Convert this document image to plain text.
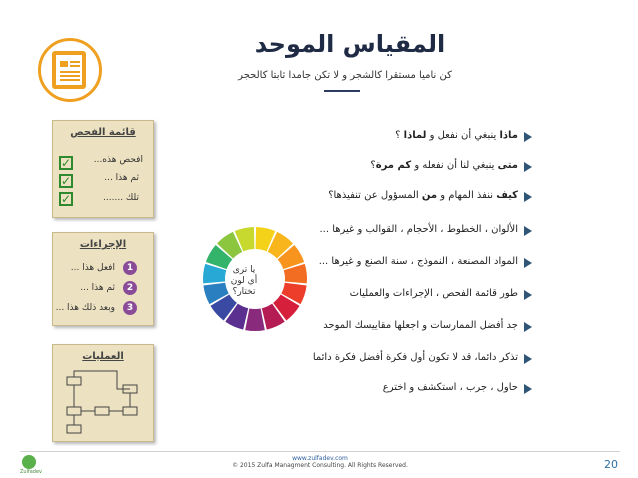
المقياس الموحد
كن ناميا مستقرا كالشجر و لا تكن جامدا ثابتا كالحجر
قائمة الفحص
افحص هذه...
ثم هذا ...
تلك .......
✓
✓
✓
الإجراءات
1
افعل هذا ...
2
ثم هذا ...
3
وبعد ذلك هذا ...
العمليات
يا ترى
أي لون تختار؟
Zulfadev
www.zulfadev.com
© 2015 Zulfa Managment Consulting. All Rights Reserved.	20
ماذا ينبغي أن نفعل و لماذا ؟
متى ينبغي لنا أن نفعله و كم مرة؟
كيف ننفذ المهام و من المسؤول عن تنفيذها؟
الألوان ، الخطوط ، الأحجام ، القوالب و غيرها ...
المواد المصنعة ، النموذج ، سنة الصنع و غيرها ...
طور قائمة الفحص ، الإجراءات والعمليات
جد أفضل الممارسات و اجعلها مقاييسك الموحد
تذكر دائما، قد لا تكون أول فكرة أفضل فكرة دائما
حاول ، جرب ، استكشف و اخترع
